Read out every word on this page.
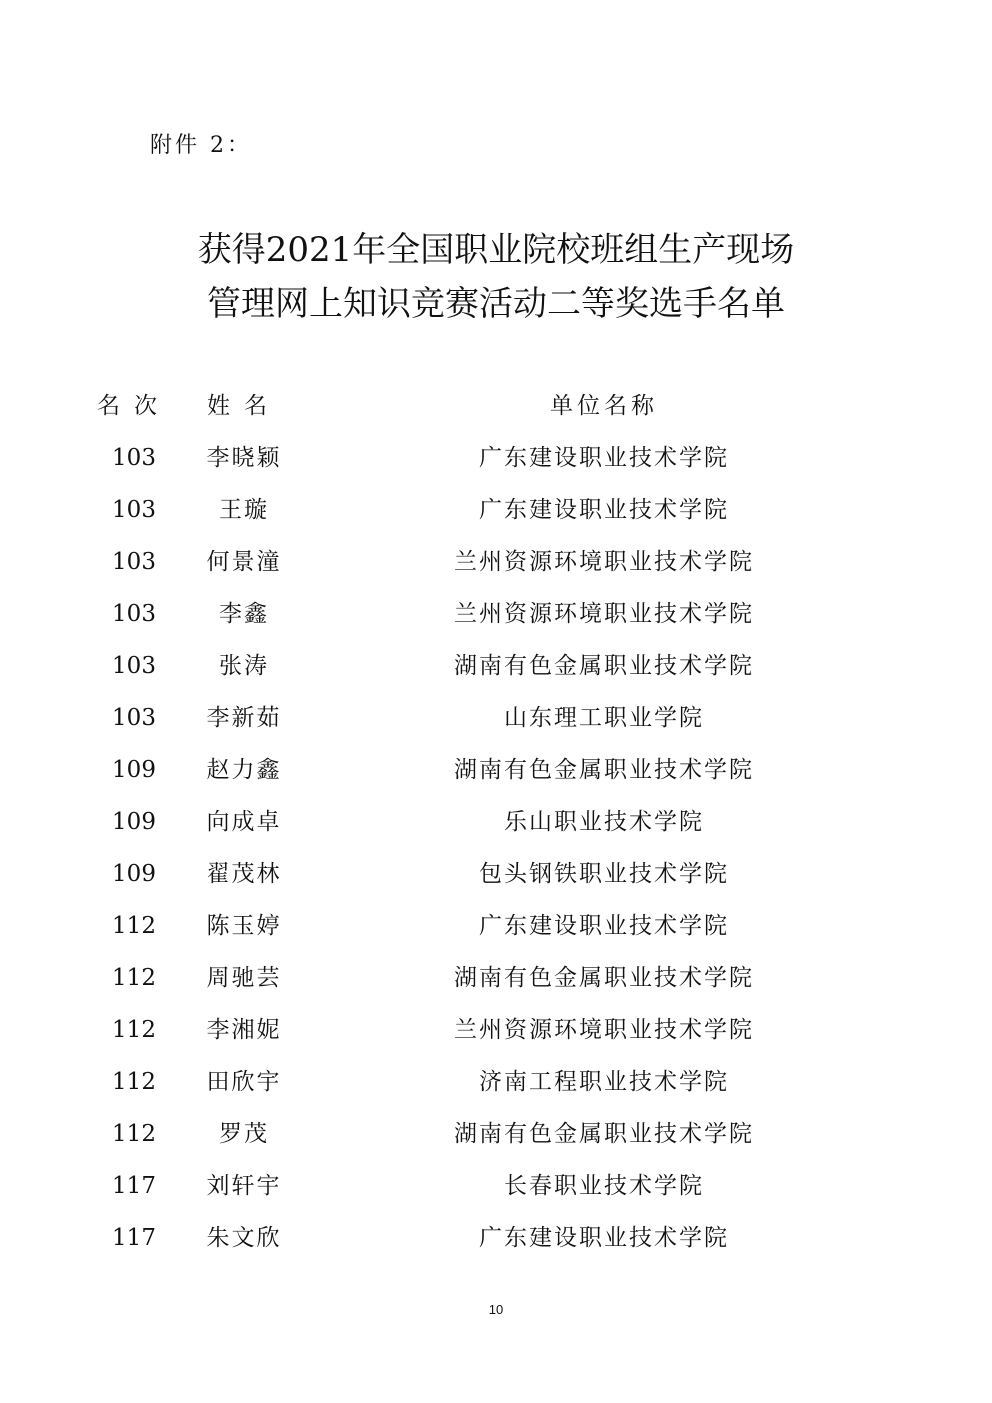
附件 2：
获得2021年全国职业院校班组生产现场
管理网上知识竞赛活动二等奖选手名单
名次	姓名	单位名称
103	李晓颖	广东建设职业技术学院
103	王璇	广东建设职业技术学院
103	何景潼	兰州资源环境职业技术学院
103	李鑫	兰州资源环境职业技术学院
103	张涛	湖南有色金属职业技术学院
103	李新茹	山东理工职业学院
109	赵力鑫	湖南有色金属职业技术学院
109	向成卓	乐山职业技术学院
109	翟茂林	包头钢铁职业技术学院
112	陈玉婷	广东建设职业技术学院
112	周驰芸	湖南有色金属职业技术学院
112	李湘妮	兰州资源环境职业技术学院
112	田欣宇	济南工程职业技术学院
112	罗茂	湖南有色金属职业技术学院
117	刘轩宇	长春职业技术学院
117	朱文欣	广东建设职业技术学院
10
